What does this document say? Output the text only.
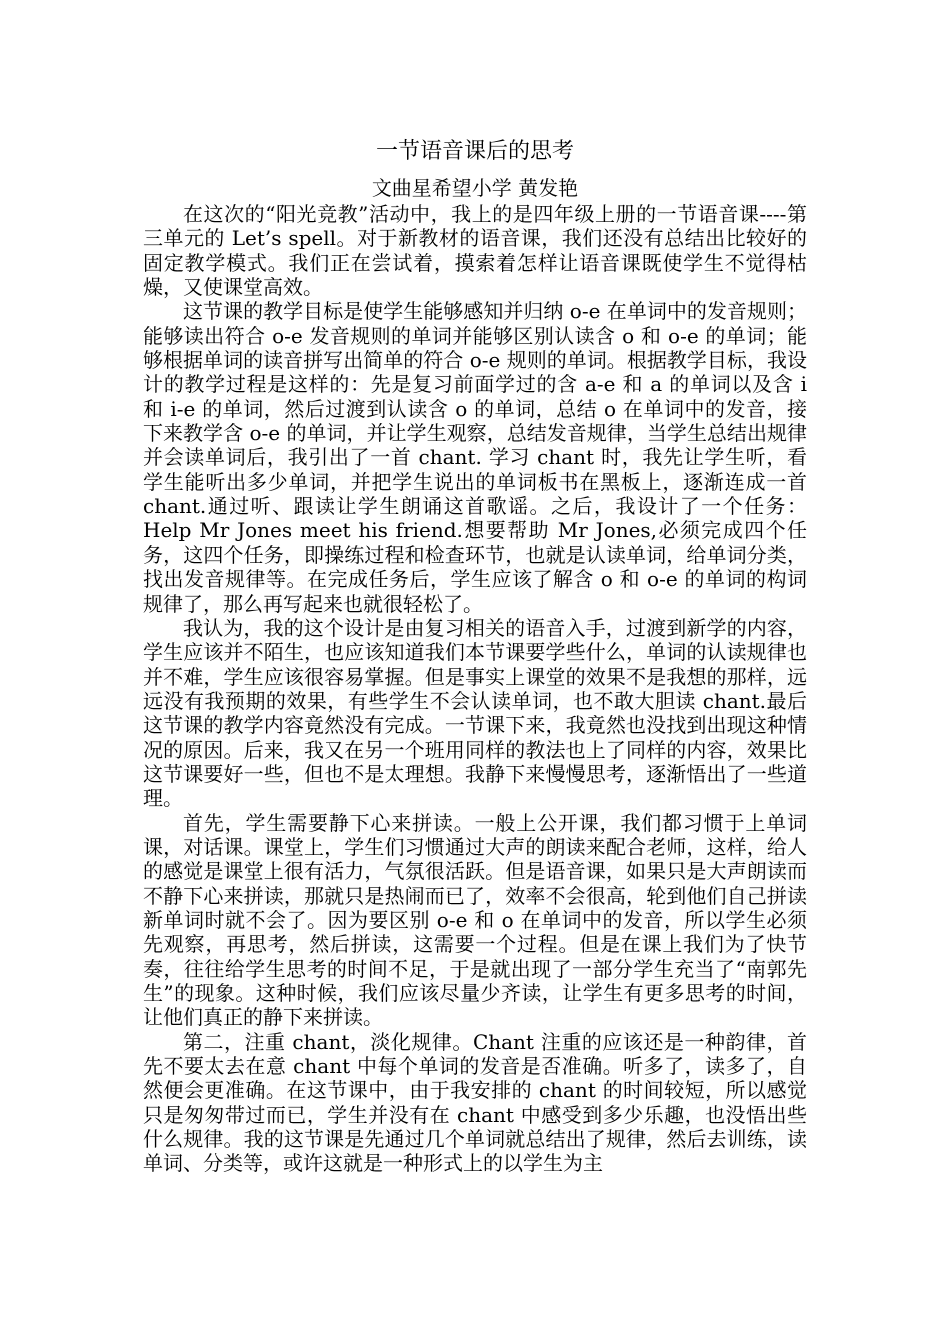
一节语音课后的思考
文曲星希望小学 黄发艳

在这次的“阳光竞教”活动中，我上的是四年级上册的一节语音课----第三单元的 Let’s spell。对于新教材的语音课，我们还没有总结出比较好的固定教学模式。我们正在尝试着，摸索着怎样让语音课既使学生不觉得枯燥，又使课堂高效。

这节课的教学目标是使学生能够感知并归纳 o-e 在单词中的发音规则；能够读出符合 o-e 发音规则的单词并能够区别认读含 o 和 o-e 的单词；能够根据单词的读音拼写出简单的符合 o-e 规则的单词。根据教学目标，我设计的教学过程是这样的：先是复习前面学过的含 a-e 和 a 的单词以及含 i 和 i-e 的单词，然后过渡到认读含 o 的单词，总结 o 在单词中的发音，接下来教学含 o-e 的单词，并让学生观察，总结发音规律，当学生总结出规律并会读单词后，我引出了一首 chant. 学习 chant 时，我先让学生听，看学生能听出多少单词，并把学生说出的单词板书在黑板上，逐渐连成一首 chant.通过听、跟读让学生朗诵这首歌谣。之后，我设计了一个任务：Help Mr Jones meet his friend.想要帮助 Mr Jones,必须完成四个任务，这四个任务，即操练过程和检查环节，也就是认读单词，给单词分类，找出发音规律等。在完成任务后，学生应该了解含 o 和 o-e 的单词的构词规律了，那么再写起来也就很轻松了。

我认为，我的这个设计是由复习相关的语音入手，过渡到新学的内容，学生应该并不陌生，也应该知道我们本节课要学些什么，单词的认读规律也并不难，学生应该很容易掌握。但是事实上课堂的效果不是我想的那样，远远没有我预期的效果，有些学生不会认读单词，也不敢大胆读 chant.最后这节课的教学内容竟然没有完成。一节课下来，我竟然也没找到出现这种情况的原因。后来，我又在另一个班用同样的教法也上了同样的内容，效果比这节课要好一些，但也不是太理想。我静下来慢慢思考，逐渐悟出了一些道理。

首先，学生需要静下心来拼读。一般上公开课，我们都习惯于上单词课，对话课。课堂上，学生们习惯通过大声的朗读来配合老师，这样，给人的感觉是课堂上很有活力，气氛很活跃。但是语音课，如果只是大声朗读而不静下心来拼读，那就只是热闹而已了，效率不会很高，轮到他们自己拼读新单词时就不会了。因为要区别 o-e 和 o 在单词中的发音，所以学生必须先观察，再思考，然后拼读，这需要一个过程。但是在课上我们为了快节奏，往往给学生思考的时间不足，于是就出现了一部分学生充当了“南郭先生”的现象。这种时候，我们应该尽量少齐读，让学生有更多思考的时间，让他们真正的静下来拼读。

第二，注重 chant，淡化规律。Chant 注重的应该还是一种韵律，首先不要太去在意 chant 中每个单词的发音是否准确。听多了，读多了，自然便会更准确。在这节课中，由于我安排的 chant 的时间较短，所以感觉只是匆匆带过而已，学生并没有在 chant 中感受到多少乐趣，也没悟出些什么规律。我的这节课是先通过几个单词就总结出了规律，然后去训练，读单词、分类等，或许这就是一种形式上的以学生为主
